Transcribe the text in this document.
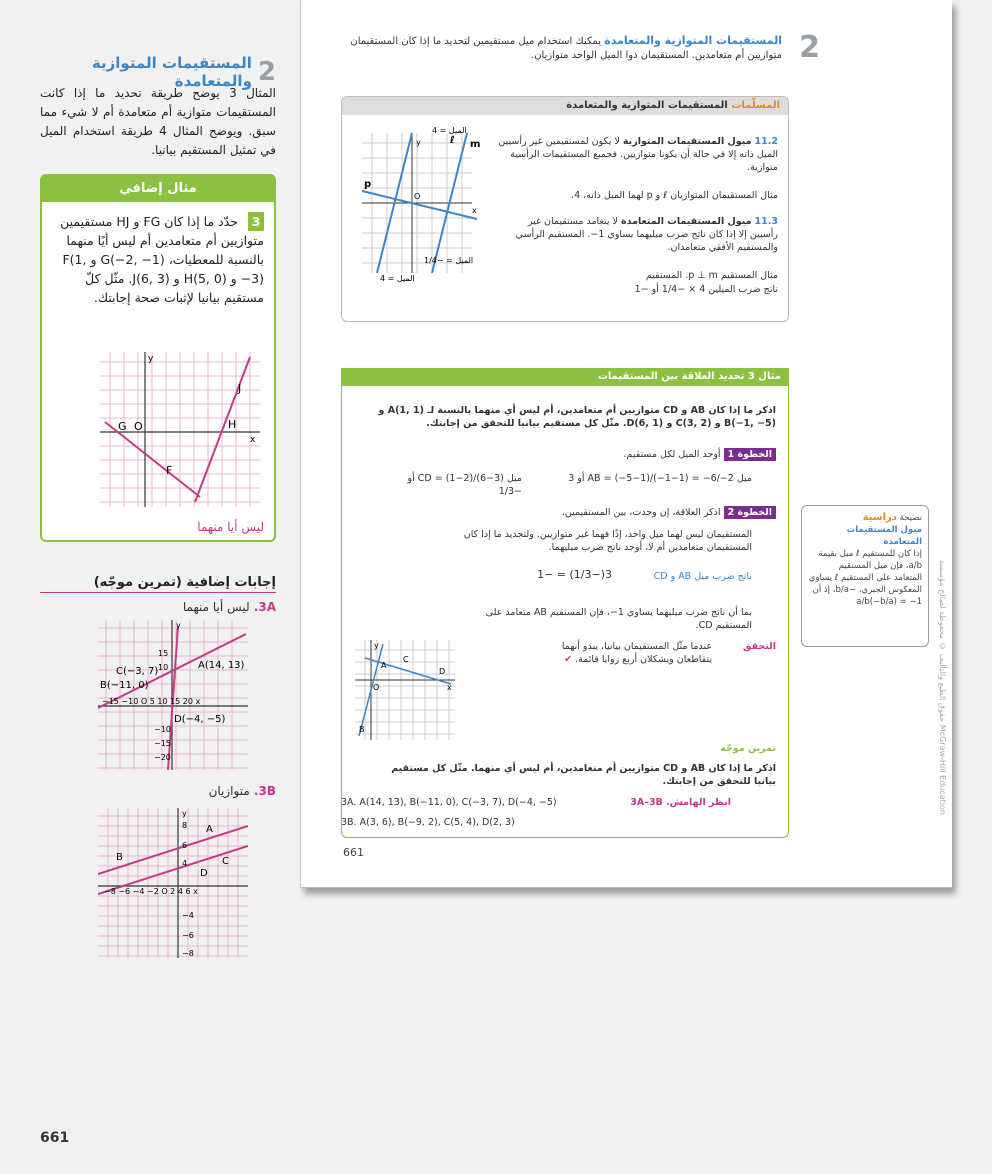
2
المستقيمات المتوازية والمتعامدة
المثال 3 يوضح طريقة تحديد ما إذا كانت المستقيمات متوازية أم متعامدة أم لا شيء مما سبق. ويوضح المثال 4 طريقة استخدام الميل في تمثيل المستقيم بيانيا.
مثال إضافي
3 حدّد ما إذا كان FG و HJ مستقيمين متوازيين أم متعامدين أم ليس أيًا منهما بالنسبة للمعطيات، G(−2, −1) و F(1, −3) و H(5, 0) و J(6, 3). مثّل كلّ مستقيم بيانيا لإثبات صحة إجابتك.
y
x
G O
F
H
J
ليس أيا منهما
إجابات إضافية (تمرين موجّه)
3A. ليس أيا منهما
y
C(−3, 7)
A(14, 13)
B(−11, 0)
D(−4, −5)
−15 −10 O 5 10 15 20 x
15
10
−10
−15
−20
3B. متوازيان
y
A
B	C
D
−8 −6 −4 −2 O 2 4 6 x
8
6
4
−4
−6
−8
661
2
المستقيمات المتوازية والمتعامدة يمكنك استخدام ميل مستقيمين لتحديد ما إذا كان المستقيمان متوازيين أم متعامدين. المستقيمان ذوا الميل الواحد متوازيان.
المسلّمات المستقيمات المتوازية والمتعامدة
O
x
y
p
ℓ m
الميل = 4
الميل = 4
الميل = −1/4
11.2 ميول المستقيمات المتوازية لا يكون لمستقيمين غير رأسيين الميل ذاته إلا في حالة أن يكونا متوازيين. فجميع المستقيمات الرأسية متوازية.
مثال المستقيمان المتوازيان ℓ و p لهما الميل ذاته، 4.
11.3 ميول المستقيمات المتعامدة لا يتعامد مستقيمان غير رأسيين إلا إذا كان ناتج ضرب ميليهما يساوي 1−. المستقيم الرأسي والمستقيم الأفقي متعامدان.
مثال المستقيم p ⊥ m. المستقيم
ناتج ضرب الميلين 4 × −1/4 أو −1
مثال 3 تحديد العلاقة بين المستقيمات
اذكر ما إذا كان AB و CD متوازيين أم متعامدين، أم ليس أي منهما بالنسبة لـ A(1, 1) و B(−1, −5) و C(3, 2) و D(6, 1). مثّل كل مستقيم بيانيا للتحقق من إجابتك.
الخطوة 1 أوجد الميل لكل مستقيم.
ميل AB = (−5−1)/(−1−1) = −6/−2 أو 3
ميل CD = (1−2)/(6−3) أو −1/3
الخطوة 2 اذكر العلاقة، إن وجدت، بين المستقيمين.
المستقيمان ليس لهما ميل واحد، إذًا فهما غير متوازيين. ولتحديد ما إذا كان المستقيمان متعامدين أم لا، أوجد ناتج ضرب ميليهما.
ناتج ضرب ميل AB و CD
3(−1/3) = −1
بما أن ناتج ضرب ميليهما يساوي 1−، فإن المستقيم AB متعامد على المستقيم CD.
التحقق
عندما مثّل المستقيمان بيانيا، يبدو أنهما يتقاطعان ويشكلان أربع زوايا قائمة. ✔
A
B
C
D
O	x
y
تمرين موجّه
اذكر ما إذا كان AB و CD متوازيين أم متعامدين، أم ليس أي منهما. مثّل كل مستقيم بيانيا للتحقق من إجابتك.
3A. A(14, 13), B(−11, 0), C(−3, 7), D(−4, −5)	انظر الهامش. 3A–3B
3B. A(3, 6), B(−9, 2), C(5, 4), D(2, 3)
نصيحة دراسية
ميول المستقيمات المتعامدة
إذا كان للمستقيم ℓ ميل بقيمة a/b، فإن ميل المستقيم المتعامد على المستقيم ℓ يساوي المعكوس الجبري، −b/a، إذ أن a/b(−b/a) = −1	حقوق الطبع والتأليف © محفوظة لصالح مؤسسة McGraw-Hill Education
661
